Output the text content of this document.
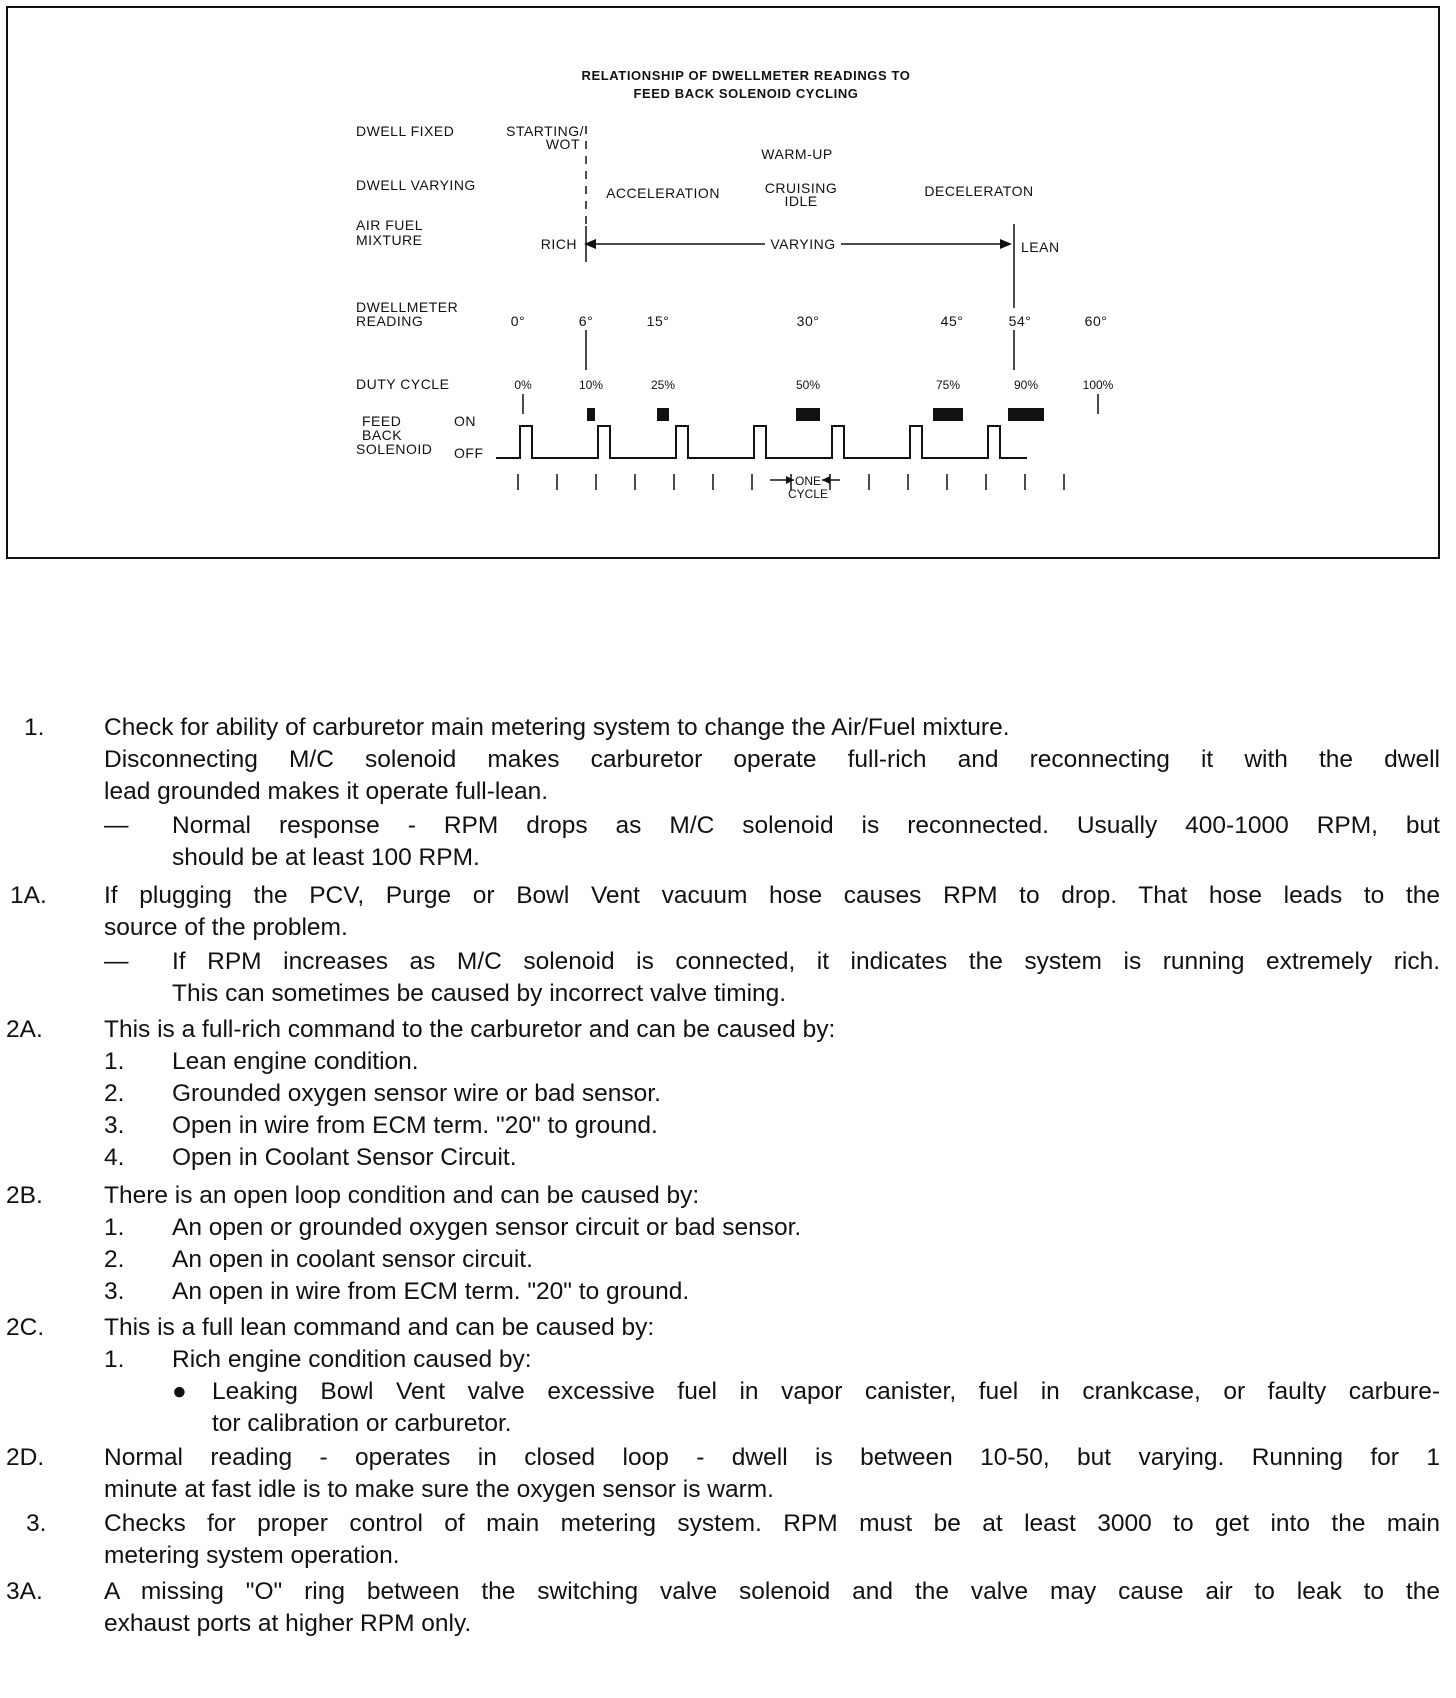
RELATIONSHIP OF DWELLMETER READINGS TO
FEED BACK SOLENOID CYCLING
DWELL FIXED
DWELL VARYING
AIR FUEL
MIXTURE
DWELLMETER
READING
DUTY CYCLE
FEED
BACK
SOLENOID
ON
OFF
STARTING/
WOT
WARM-UP
ACCELERATION	CRUISING
IDLE
DECELERATON
RICH	VARYING	LEAN
0°	6°	15°	30°	45°	54°	60°
0%	10%	25%	50%	75%	90%	100%
ONE
CYCLE
1. Check for ability of carburetor main metering system to change the Air/Fuel mixture.
Disconnecting M/C solenoid makes carburetor operate full-rich and reconnecting it with the dwell
lead grounded makes it operate full-lean.
— Normal response - RPM drops as M/C solenoid is reconnected. Usually 400-1000 RPM, but
should be at least 100 RPM.
1A. If plugging the PCV, Purge or Bowl Vent vacuum hose causes RPM to drop. That hose leads to the
source of the problem.
— If RPM increases as M/C solenoid is connected, it indicates the system is running extremely rich.
This can sometimes be caused by incorrect valve timing.
2A. This is a full-rich command to the carburetor and can be caused by:
1. Lean engine condition.
2. Grounded oxygen sensor wire or bad sensor.
3. Open in wire from ECM term. "20" to ground.
4. Open in Coolant Sensor Circuit.
2B. There is an open loop condition and can be caused by:
1. An open or grounded oxygen sensor circuit or bad sensor.
2. An open in coolant sensor circuit.
3. An open in wire from ECM term. "20" to ground.
2C. This is a full lean command and can be caused by:
1. Rich engine condition caused by:
● Leaking Bowl Vent valve excessive fuel in vapor canister, fuel in crankcase, or faulty carbure-
tor calibration or carburetor.
2D. Normal reading - operates in closed loop - dwell is between 10-50, but varying. Running for 1
minute at fast idle is to make sure the oxygen sensor is warm.
3. Checks for proper control of main metering system. RPM must be at least 3000 to get into the main
metering system operation.
3A. A missing "O" ring between the switching valve solenoid and the valve may cause air to leak to the
exhaust ports at higher RPM only.
